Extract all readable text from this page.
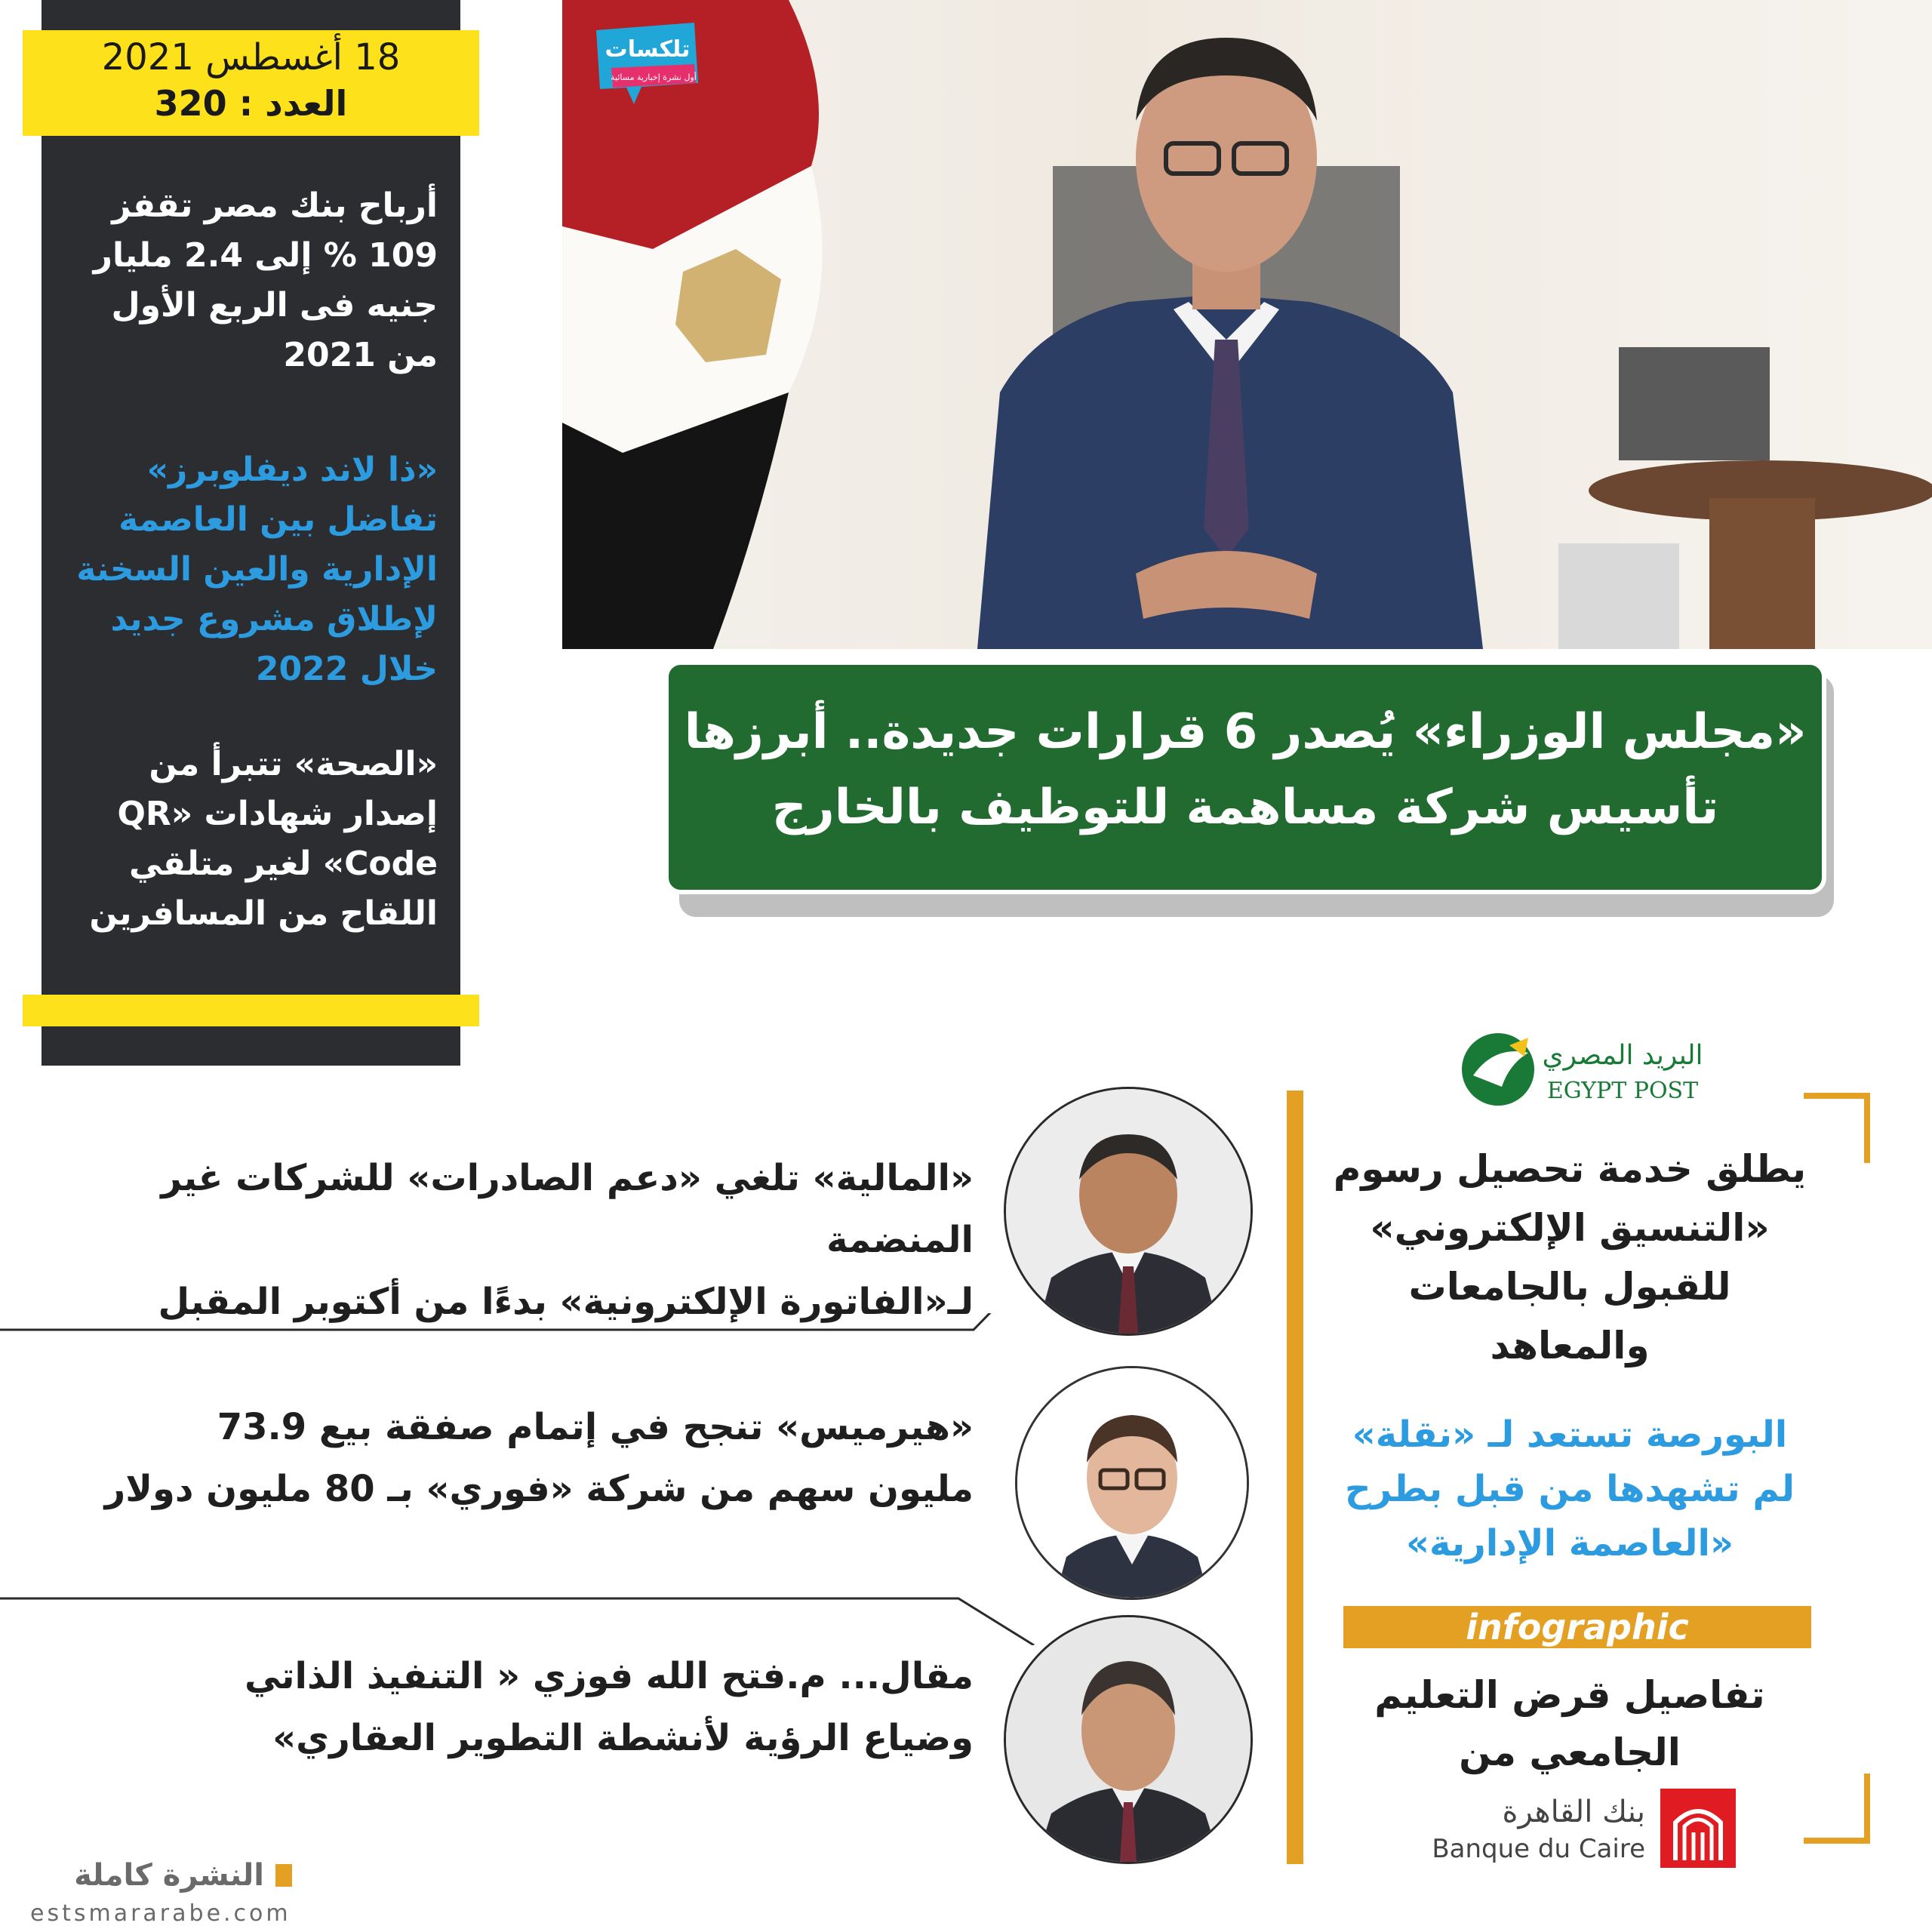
18 أغسطس 2021
العدد : 320
أرباح بنك مصر تقفز 109 % إلى 2.4 مليار جنيه فى الربع الأول من 2021
«ذا لاند ديفلوبرز» تفاضل بين العاصمة الإدارية والعين السخنة لإطلاق مشروع جديد خلال 2022
«الصحة» تتبرأ من إصدار شهادات «QR Code» لغير متلقي اللقاح من المسافرين
تلكسات
أول نشرة إخبارية مسائية
«مجلس الوزراء» يُصدر 6 قرارات جديدة.. أبرزها
تأسيس شركة مساهمة للتوظيف بالخارج
«المالية» تلغي «دعم الصادرات» للشركات غير المنضمة
لـ«الفاتورة الإلكترونية» بدءًا من أكتوبر المقبل
«هيرميس» تنجح في إتمام صفقة بيع 73.9
مليون سهم من شركة «فوري» بـ 80 مليون دولار
مقال... م.فتح الله فوزي « التنفيذ الذاتي
وضياع الرؤية لأنشطة التطوير العقاري»
البريد المصري
EGYPT POST
يطلق خدمة تحصيل رسوم «التنسيق الإلكتروني» للقبول بالجامعات والمعاهد
البورصة تستعد لـ «نقلة» لم تشهدها من قبل بطرح «العاصمة الإدارية»
infographic
تفاصيل قرض التعليم الجامعي من
بنك القاهرة
Banque du Caire
النشرة كاملة
estsmararabe.com
